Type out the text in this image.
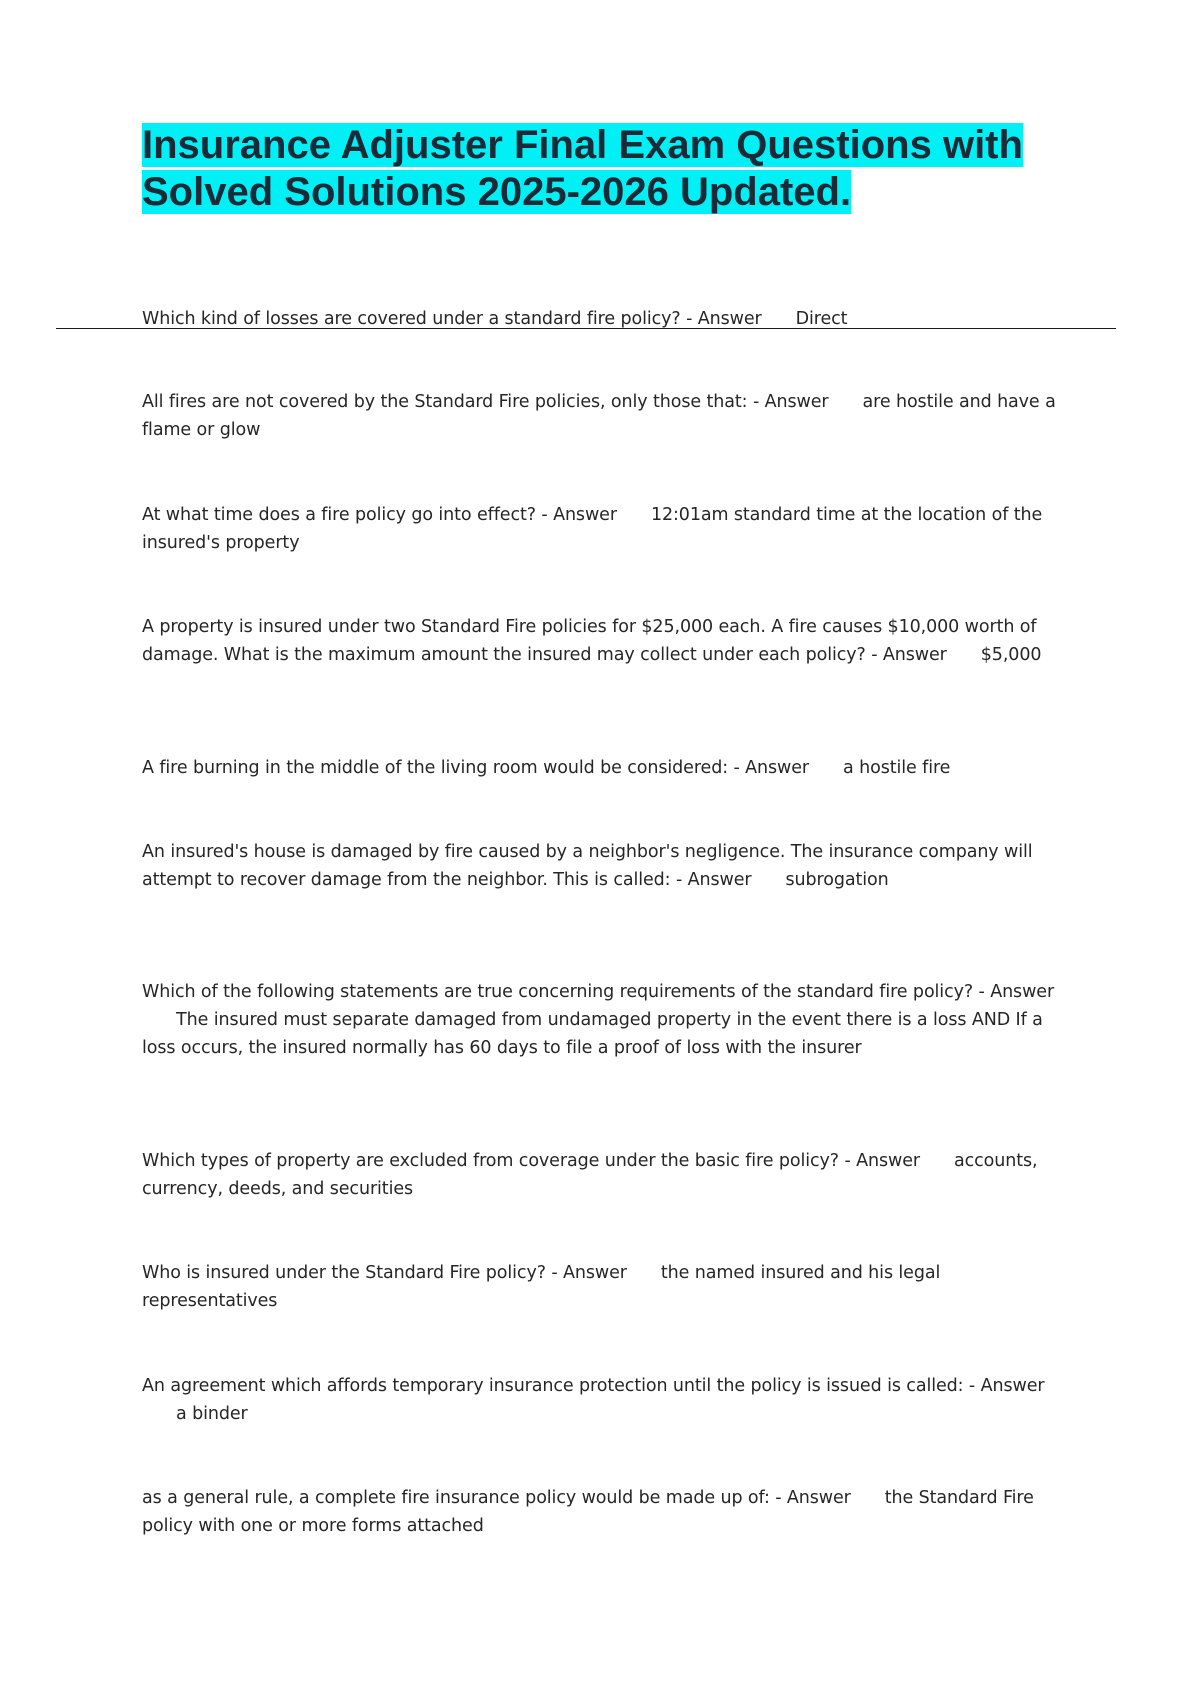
Insurance Adjuster Final Exam Questions with Solved Solutions 2025-2026 Updated.

Which kind of losses are covered under a standard fire policy? - Answer Direct

All fires are not covered by the Standard Fire policies, only those that: - Answer are hostile and have a flame or glow

At what time does a fire policy go into effect? - Answer 12:01am standard time at the location of the insured's property

A property is insured under two Standard Fire policies for $25,000 each. A fire causes $10,000 worth of damage. What is the maximum amount the insured may collect under each policy? - Answer $5,000

A fire burning in the middle of the living room would be considered: - Answer a hostile fire

An insured's house is damaged by fire caused by a neighbor's negligence. The insurance company will attempt to recover damage from the neighbor. This is called: - Answer subrogation

Which of the following statements are true concerning requirements of the standard fire policy? - AnswerThe insured must separate damaged from undamaged property in the event there is a loss AND If a loss occurs, the insured normally has 60 days to file a proof of loss with the insurer

Which types of property are excluded from coverage under the basic fire policy? - Answer accounts, currency, deeds, and securities

Who is insured under the Standard Fire policy? - Answer the named insured and his legal representatives

An agreement which affords temporary insurance protection until the policy is issued is called: - Answera binder

as a general rule, a complete fire insurance policy would be made up of: - Answer the Standard Fire policy with one or more forms attached
